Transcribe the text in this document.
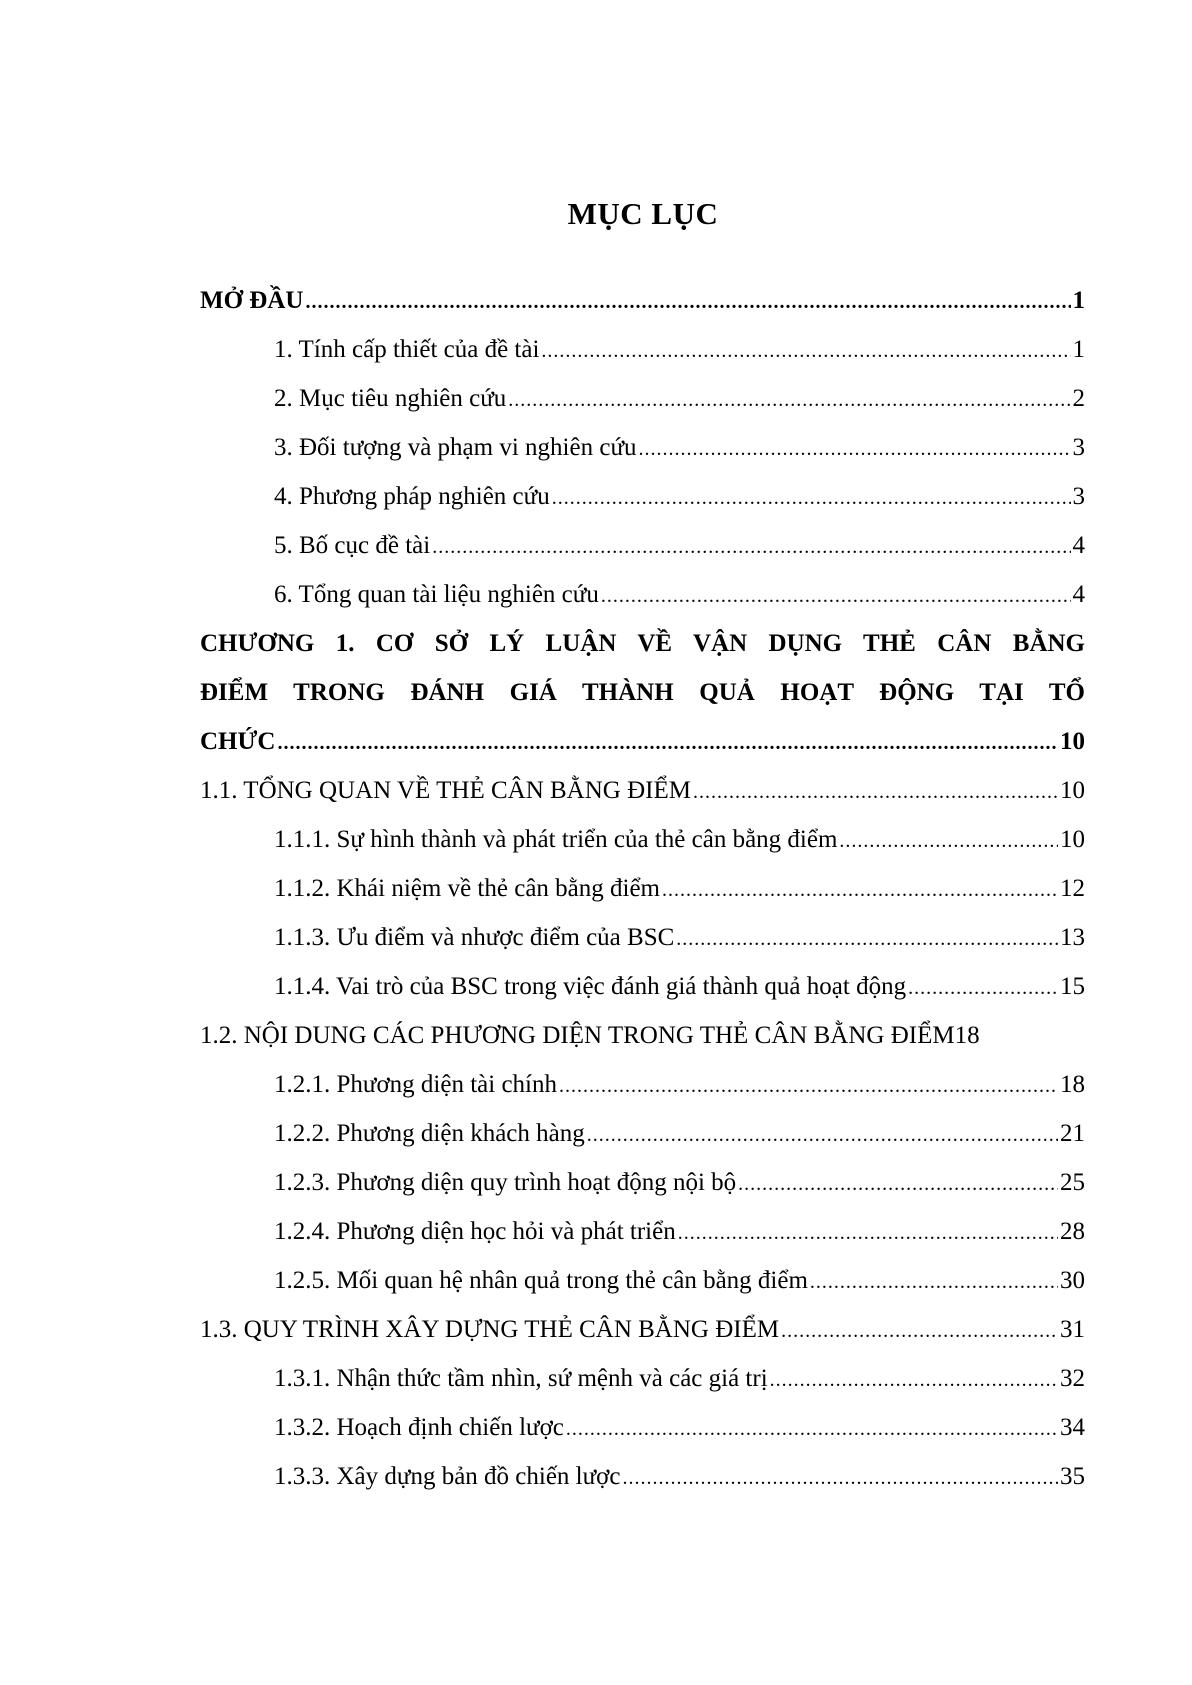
MỤC LỤC
MỞ ĐẦU .....	1
1. Tính cấp thiết của đề tài .....	1
2. Mục tiêu nghiên cứu .....	2
3. Đối tượng và phạm vi nghiên cứu .....	3
4. Phương pháp nghiên cứu .....	3
5. Bố cục đề tài .....	4
6. Tổng quan tài liệu nghiên cứu .....	4
CHƯƠNG 1. CƠ SỞ LÝ LUẬN VỀ VẬN DỤNG THẺ CÂN BẰNG
ĐIỂM TRONG ĐÁNH GIÁ THÀNH QUẢ HOẠT ĐỘNG TẠI TỔ
CHỨC .....	10
1.1. TỔNG QUAN VỀ THẺ CÂN BẰNG ĐIỂM .....	10
1.1.1. Sự hình thành và phát triển của thẻ cân bằng điểm .....	10
1.1.2. Khái niệm về thẻ cân bằng điểm .....	12
1.1.3. Ưu điểm và nhược điểm của BSC .....	13
1.1.4. Vai trò của BSC trong việc đánh giá thành quả hoạt động .....	15
1.2. NỘI DUNG CÁC PHƯƠNG DIỆN TRONG THẺ CÂN BẰNG ĐIỂM 18
1.2.1. Phương diện tài chính .....	18
1.2.2. Phương diện khách hàng .....	21
1.2.3. Phương diện quy trình hoạt động nội bộ .....	25
1.2.4. Phương diện học hỏi và phát triển .....	28
1.2.5. Mối quan hệ nhân quả trong thẻ cân bằng điểm .....	30
1.3. QUY TRÌNH XÂY DỰNG THẺ CÂN BẰNG ĐIỂM .....	31
1.3.1. Nhận thức tầm nhìn, sứ mệnh và các giá trị .....	32
1.3.2. Hoạch định chiến lược .....	34
1.3.3. Xây dựng bản đồ chiến lược .....	35
